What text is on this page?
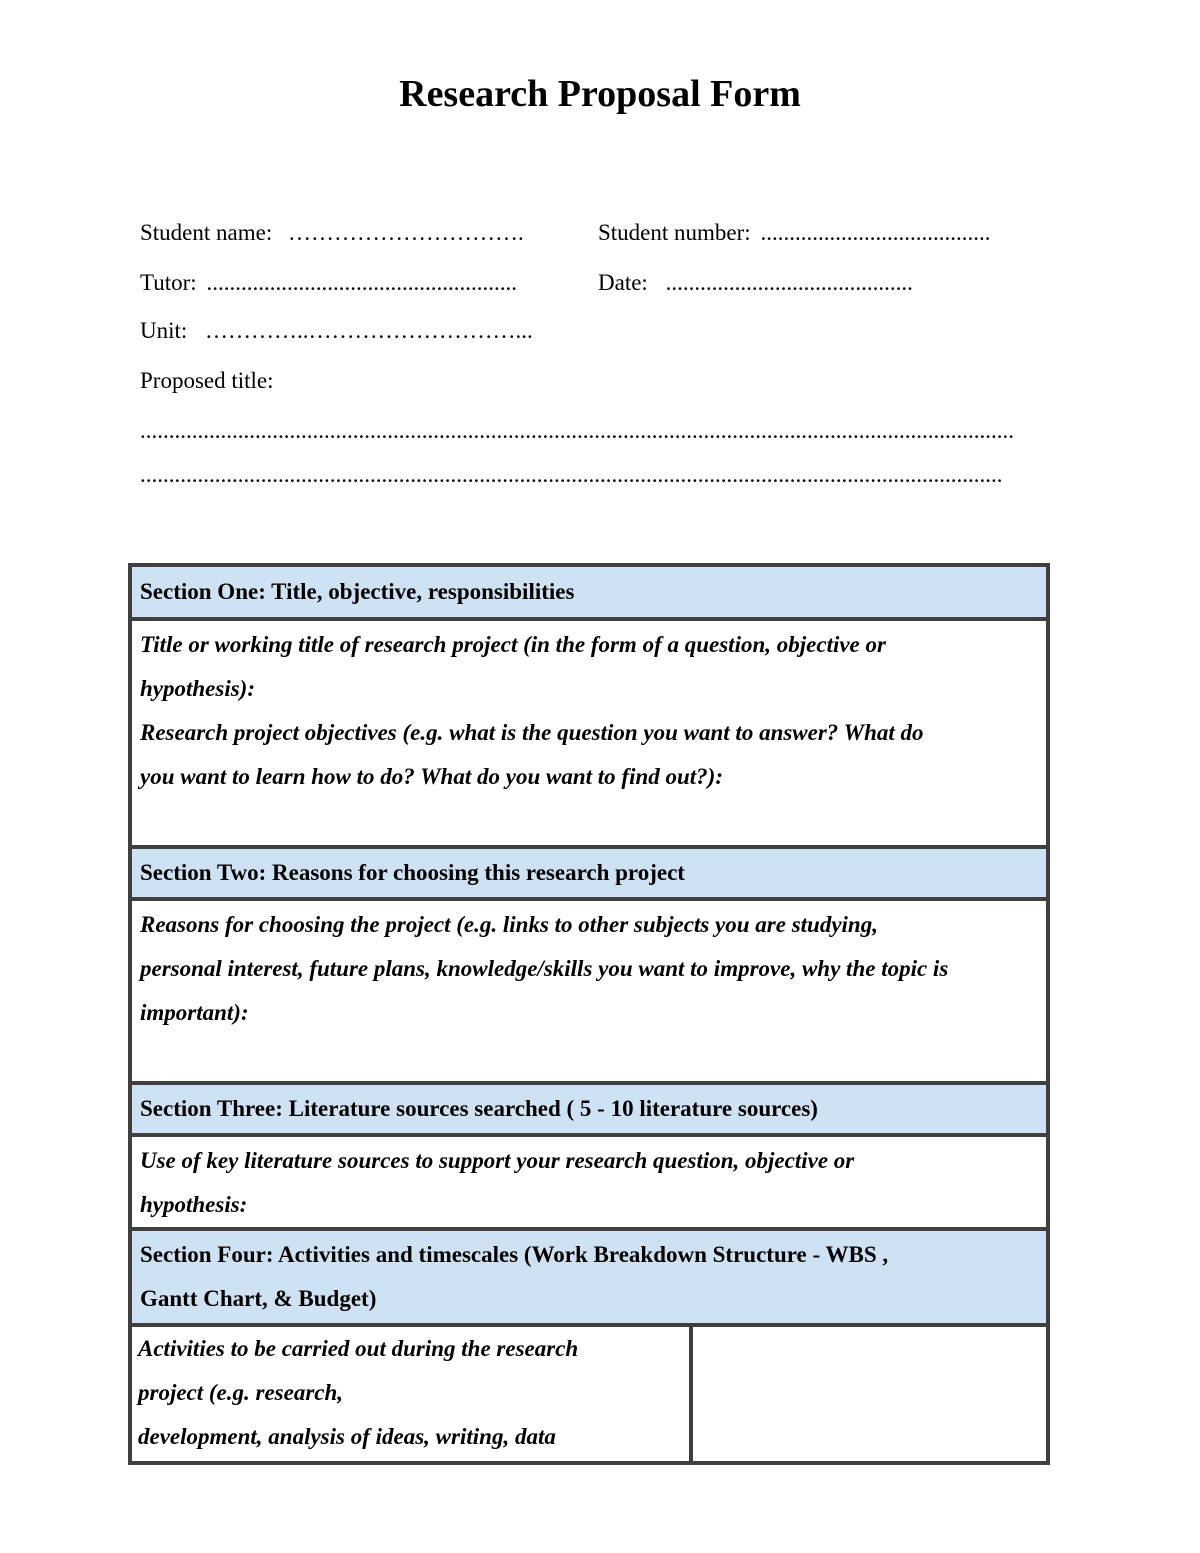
Research Proposal Form
Student name: ………………………….	Student number: ........................................
Tutor: ......................................................	Date: ...........................................
Unit: …………..………………………...
Proposed title:
........................................................................................................................................................
......................................................................................................................................................
Section One: Title, objective, responsibilities
Title or working title of research project (in the form of a question, objective or
hypothesis):
Research project objectives (e.g. what is the question you want to answer? What do
you want to learn how to do? What do you want to find out?):
Section Two: Reasons for choosing this research project
Reasons for choosing the project (e.g. links to other subjects you are studying,
personal interest, future plans, knowledge/skills you want to improve, why the topic is
important):
Section Three: Literature sources searched ( 5 - 10 literature sources)
Use of key literature sources to support your research question, objective or
hypothesis:
Section Four: Activities and timescales (Work Breakdown Structure - WBS ,
Gantt Chart, & Budget)
Activities to be carried out during the research
project (e.g. research,
development, analysis of ideas, writing, data
